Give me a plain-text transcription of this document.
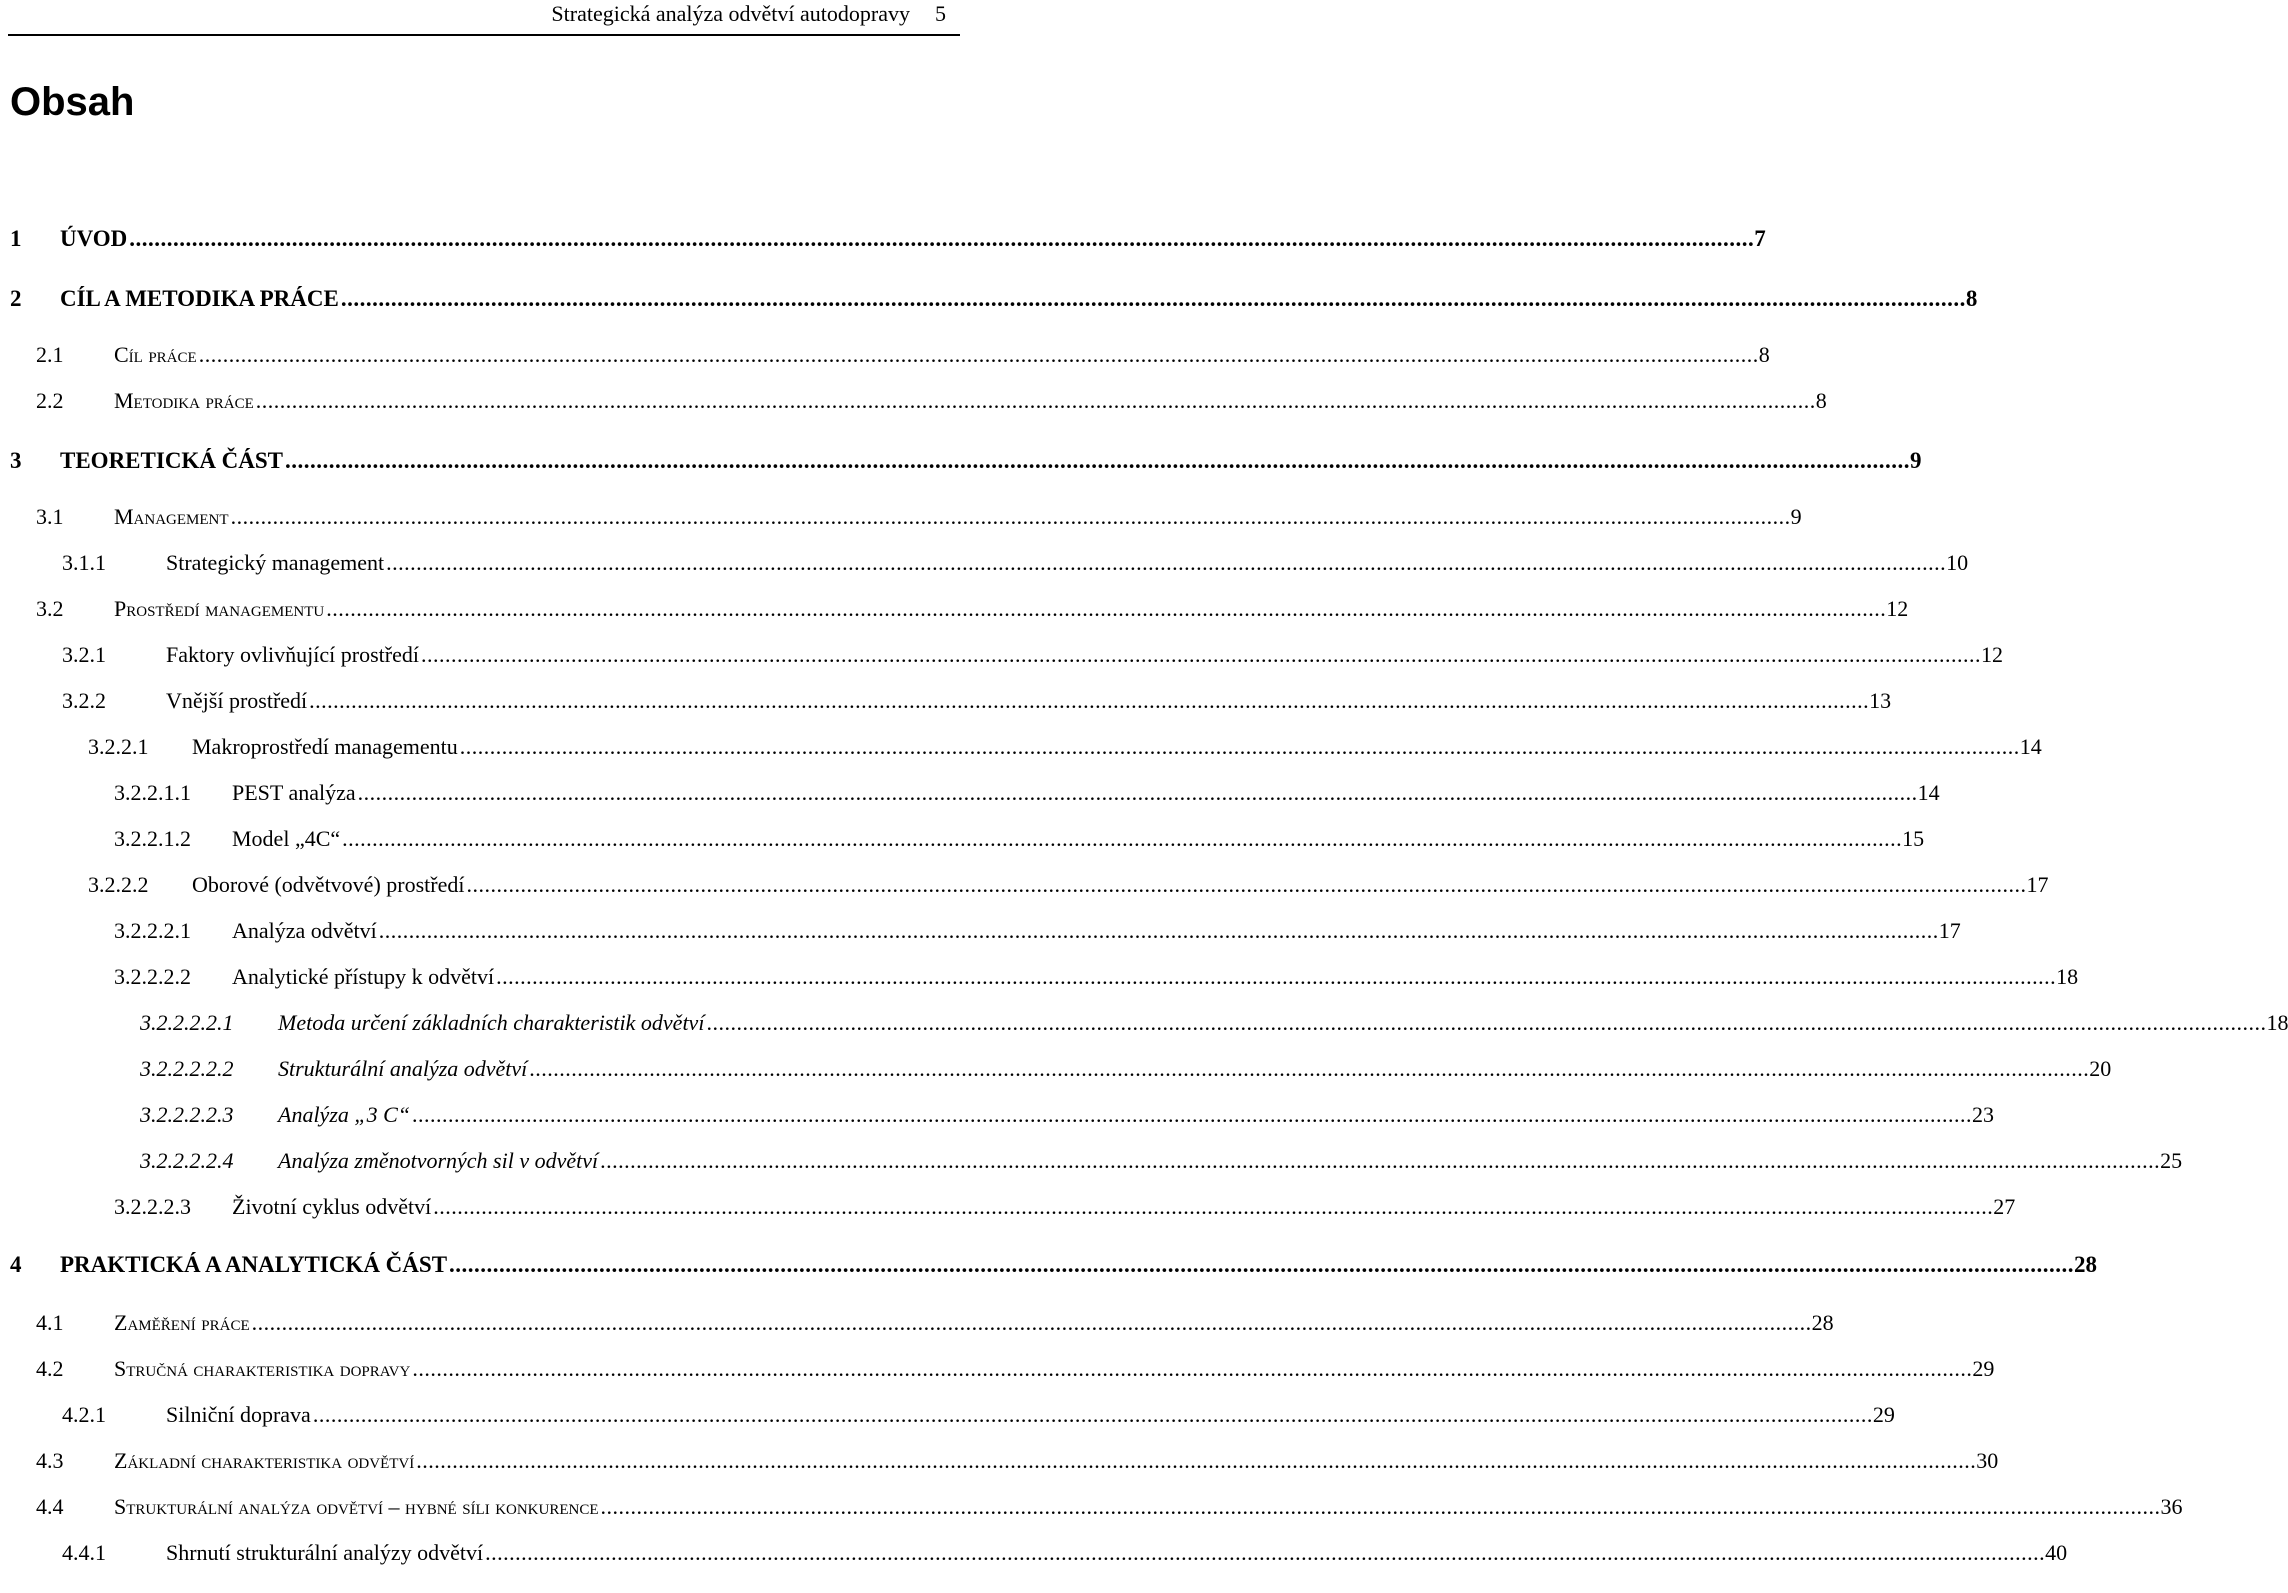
Strategická analýza odvětví autodopravy 5
Obsah
1	ÚVOD .................................................................................................................................................................................................................................................................... 7
2	CÍL A METODIKA PRÁCE .................................................................................................................................................................................................................................................................... 8
2.1	Cíl práce .................................................................................................................................................................................................................................................................... 8
2.2	Metodika práce .................................................................................................................................................................................................................................................................... 8
3	TEORETICKÁ ČÁST .................................................................................................................................................................................................................................................................... 9
3.1	Management .................................................................................................................................................................................................................................................................... 9
3.1.1	Strategický management .................................................................................................................................................................................................................................................................... 10
3.2	Prostředí managementu .................................................................................................................................................................................................................................................................... 12
3.2.1	Faktory ovlivňující prostředí .................................................................................................................................................................................................................................................................... 12
3.2.2	Vnější prostředí .................................................................................................................................................................................................................................................................... 13
3.2.2.1	Makroprostředí managementu .................................................................................................................................................................................................................................................................... 14
3.2.2.1.1	PEST analýza .................................................................................................................................................................................................................................................................... 14
3.2.2.1.2	Model „4C“ .................................................................................................................................................................................................................................................................... 15
3.2.2.2	Oborové (odvětvové) prostředí .................................................................................................................................................................................................................................................................... 17
3.2.2.2.1	Analýza odvětví .................................................................................................................................................................................................................................................................... 17
3.2.2.2.2	Analytické přístupy k odvětví .................................................................................................................................................................................................................................................................... 18
3.2.2.2.2.1	Metoda určení základních charakteristik odvětví .................................................................................................................................................................................................................................................................... 18
3.2.2.2.2.2	Strukturální analýza odvětví .................................................................................................................................................................................................................................................................... 20
3.2.2.2.2.3	Analýza „3 C“ .................................................................................................................................................................................................................................................................... 23
3.2.2.2.2.4	Analýza změnotvorných sil v odvětví .................................................................................................................................................................................................................................................................... 25
3.2.2.2.3	Životní cyklus odvětví .................................................................................................................................................................................................................................................................... 27
4	PRAKTICKÁ A ANALYTICKÁ ČÁST .................................................................................................................................................................................................................................................................... 28
4.1	Zaměření práce .................................................................................................................................................................................................................................................................... 28
4.2	Stručná charakteristika dopravy .................................................................................................................................................................................................................................................................... 29
4.2.1	Silniční doprava .................................................................................................................................................................................................................................................................... 29
4.3	Základní charakteristika odvětví .................................................................................................................................................................................................................................................................... 30
4.4	Strukturální analýza odvětví – hybné síli konkurence .................................................................................................................................................................................................................................................................... 36
4.4.1	Shrnutí strukturální analýzy odvětví .................................................................................................................................................................................................................................................................... 40
